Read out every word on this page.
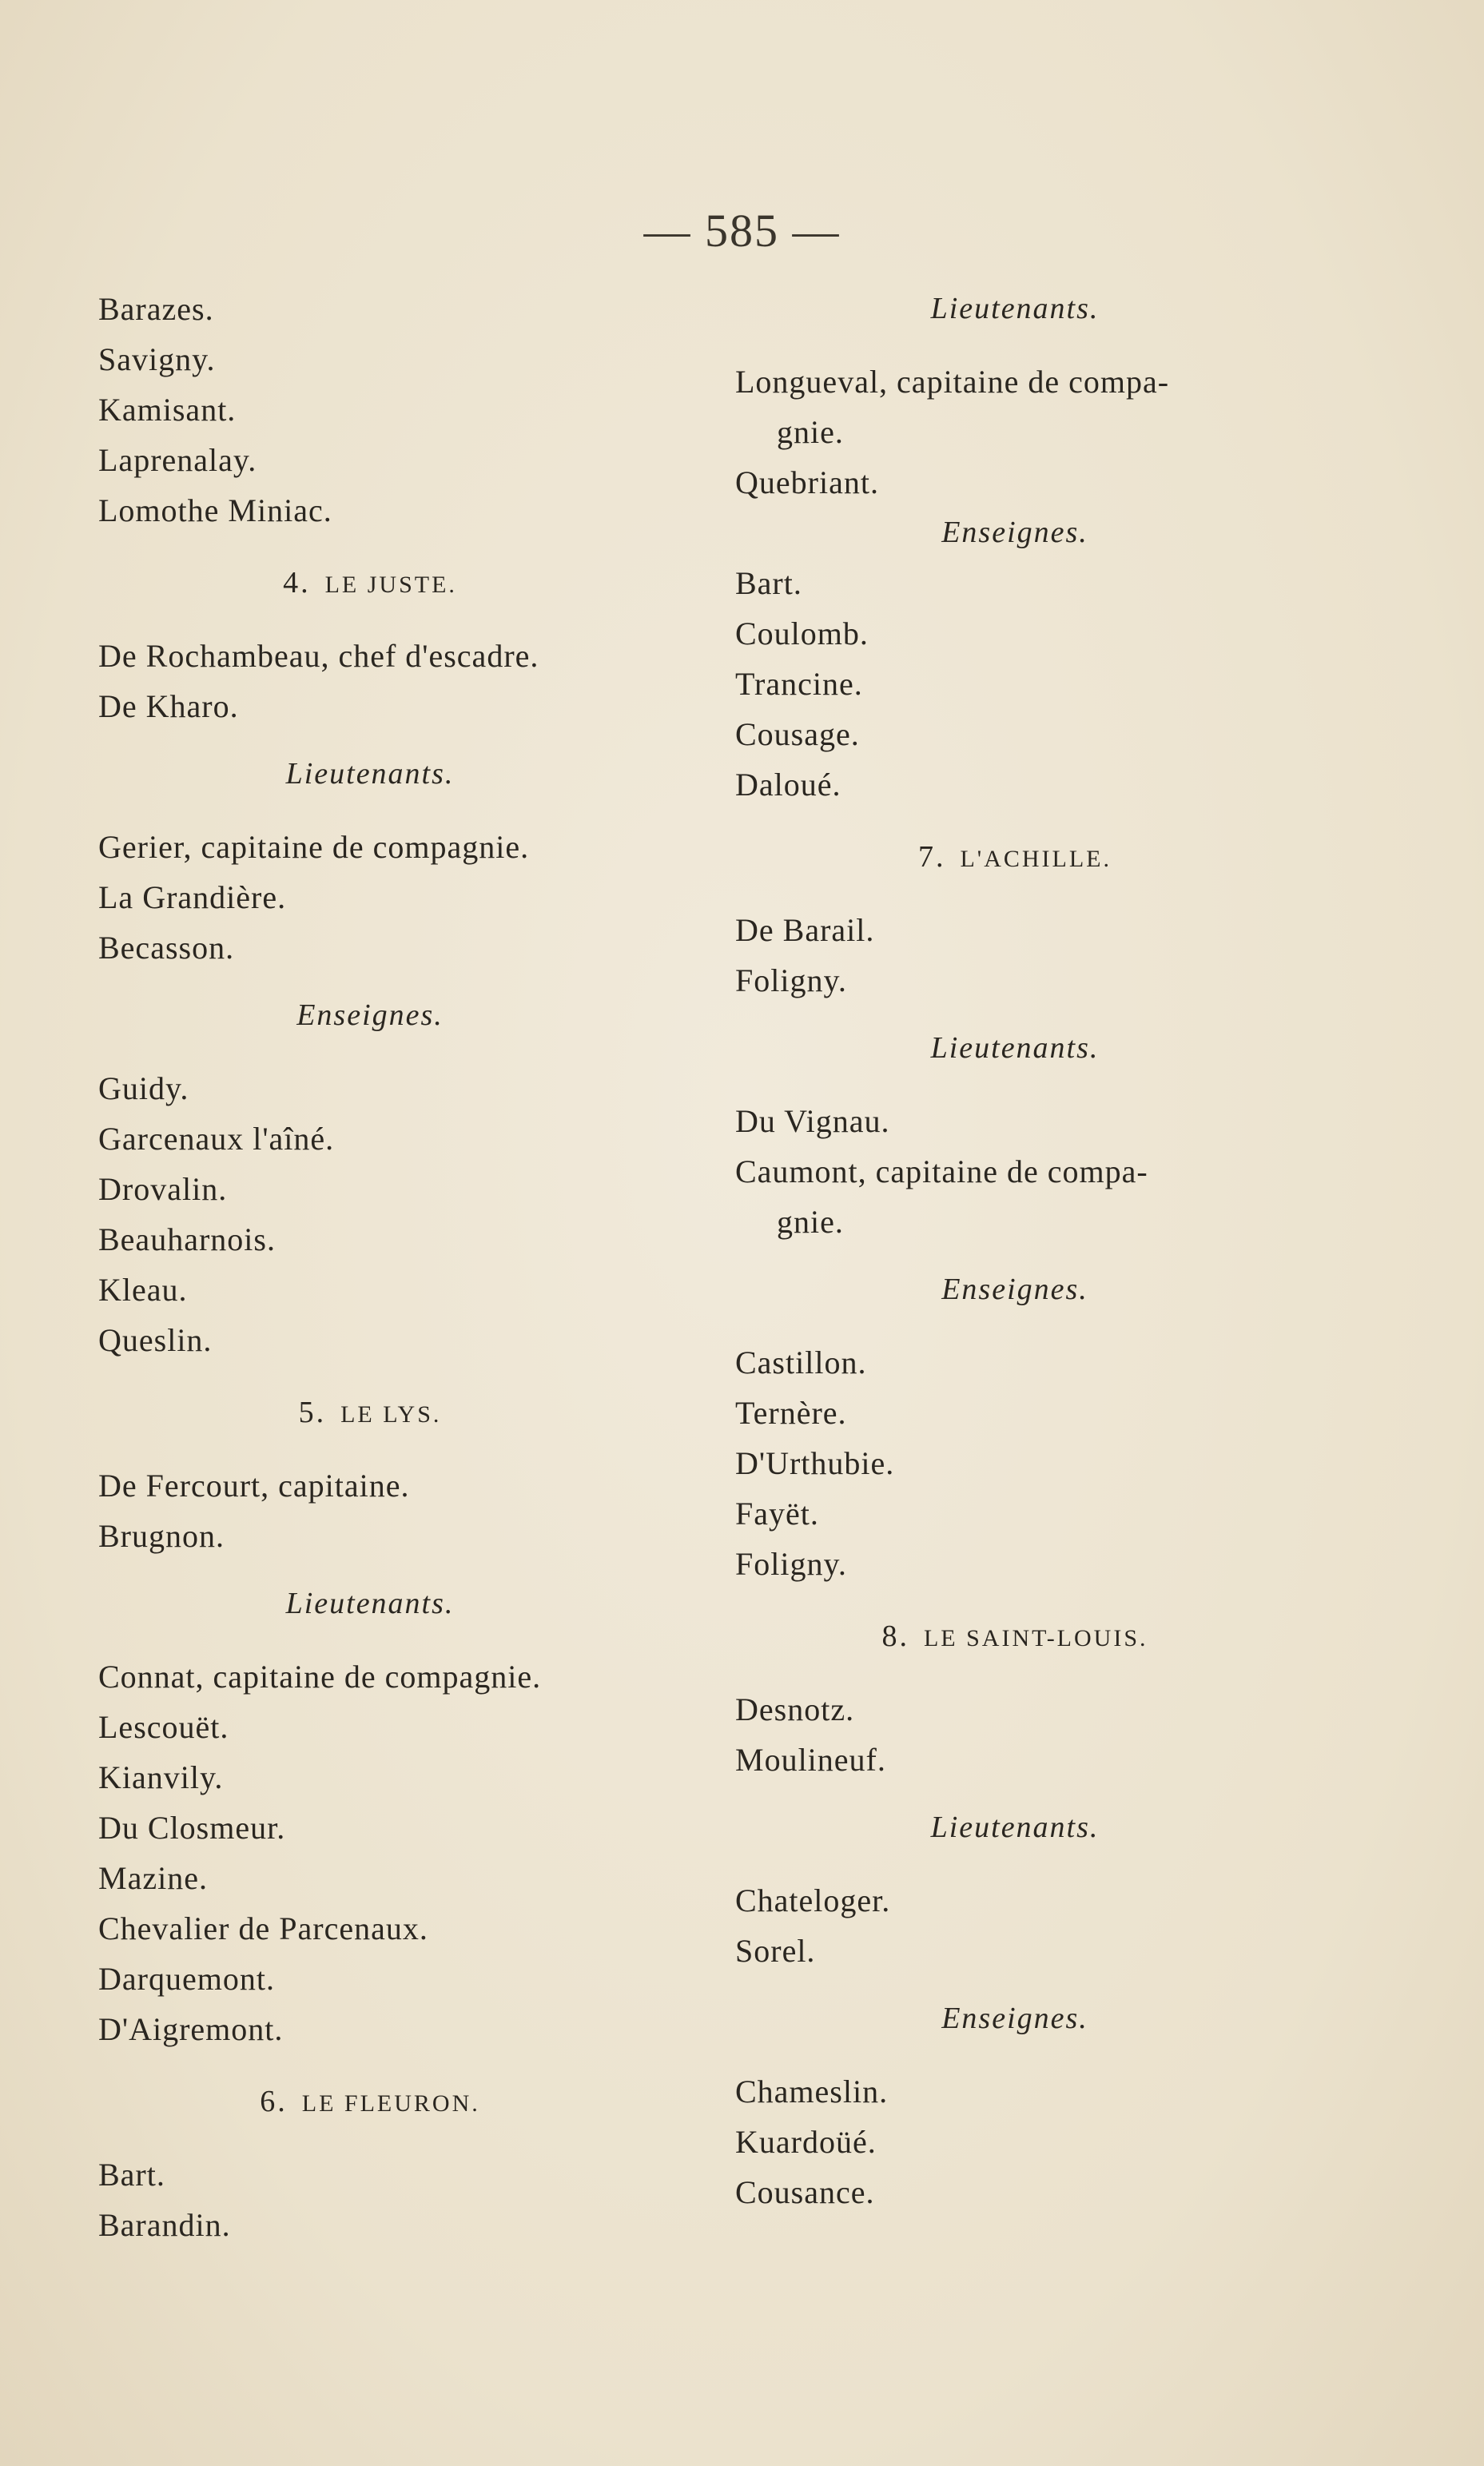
— 585 —
Barazes.
Savigny.
Kamisant.
Laprenalay.
Lomothe Miniac.
4. LE JUSTE.
De Rochambeau, chef d'escadre.
De Kharo.
Lieutenants.
Gerier, capitaine de compagnie.
La Grandière.
Becasson.
Enseignes.
Guidy.
Garcenaux l'aîné.
Drovalin.
Beauharnois.
Kleau.
Queslin.
5. LE LYS.
De Fercourt, capitaine.
Brugnon.
Lieutenants.
Connat, capitaine de compagnie.
Lescouët.
Kianvily.
Du Closmeur.
Mazine.
Chevalier de Parcenaux.
Darquemont.
D'Aigremont.
6. LE FLEURON.
Bart.
Barandin.
Lieutenants.
Longueval, capitaine de compa-
gnie.
Quebriant.
Enseignes.
Bart.
Coulomb.
Trancine.
Cousage.
Daloué.
7. L'ACHILLE.
De Barail.
Foligny.
Lieutenants.
Du Vignau.
Caumont, capitaine de compa-
gnie.
Enseignes.
Castillon.
Ternère.
D'Urthubie.
Fayët.
Foligny.
8. LE SAINT-LOUIS.
Desnotz.
Moulineuf.
Lieutenants.
Chateloger.
Sorel.
Enseignes.
Chameslin.
Kuardoüé.
Cousance.
